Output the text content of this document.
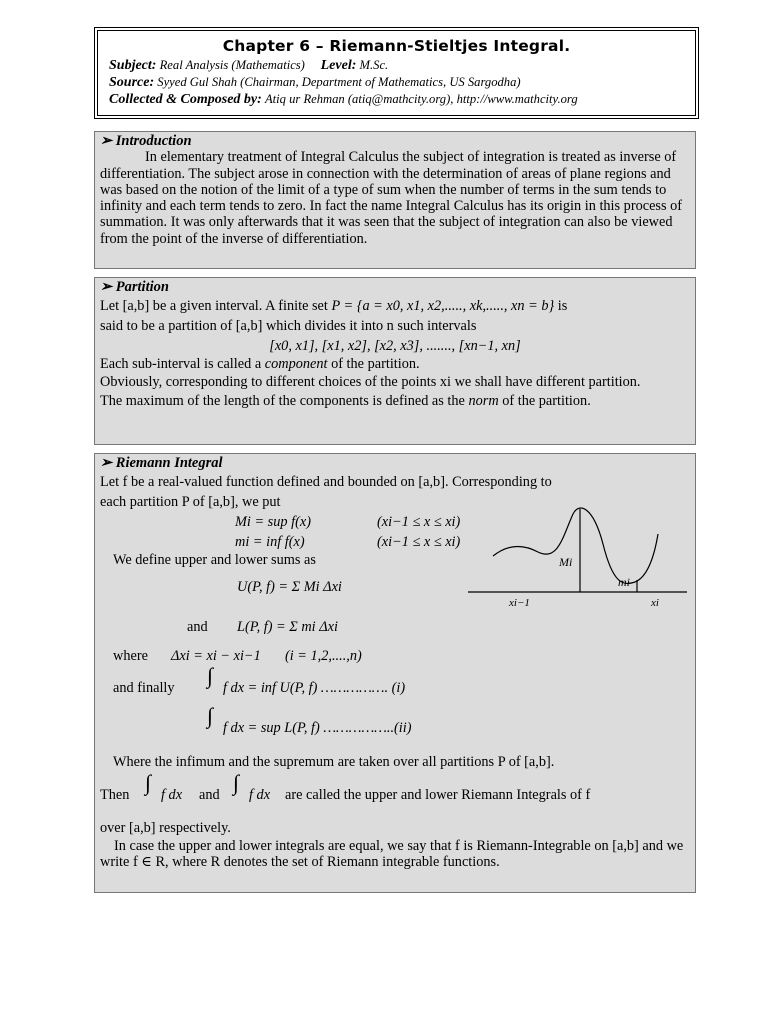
Chapter 6 – Riemann-Stieltjes Integral.
Subject: Real Analysis (Mathematics) Level: M.Sc.
Source: Syyed Gul Shah (Chairman, Department of Mathematics, US Sargodha)
Collected & Composed by: Atiq ur Rehman (atiq@mathcity.org), http://www.mathcity.org
➢ Introduction

In elementary treatment of Integral Calculus the subject of integration is treated as inverse of differentiation. The subject arose in connection with the determination of areas of plane regions and was based on the notion of the limit of a type of sum when the number of terms in the sum tends to infinity and each term tends to zero. In fact the name Integral Calculus has its origin in this process of summation. It was only afterwards that it was seen that the subject of integration can also be viewed from the point of the inverse of differentiation.

➢ Partition

Let [a,b] be a given interval. A finite set P = {a = x0, x1, x2,....., xk,....., xn = b} is

said to be a partition of [a,b] which divides it into n such intervals

[x0, x1], [x1, x2], [x2, x3], ......., [xn−1, xn]

Each sub-interval is called a component of the partition.

Obviously, corresponding to different choices of the points xi we shall have different partition.

The maximum of the length of the components is defined as the norm of the partition.

➢ Riemann Integral

Let f be a real-valued function defined and bounded on [a,b]. Corresponding to

each partition P of [a,b], we put

Mi = sup f(x)	(xi−1 ≤ x ≤ xi)
mi = inf f(x)	(xi−1 ≤ x ≤ xi)
We define upper and lower sums as
U(P, f) = Σ Mi Δxi
and L(P, f) = Σ mi Δxi
where Δxi = xi − xi−1 (i = 1,2,....,n)
and finally ∫ f dx = inf U(P, f) ……………. (i)
∫ f dx = sup L(P, f) ……………..(ii)
Where the infimum and the supremum are taken over all partitions P of [a,b].
Then ∫ f dx and ∫ f dx are called the upper and lower Riemann Integrals of f
over [a,b] respectively.
In case the upper and lower integrals are equal, we say that f is Riemann-Integrable on [a,b] and we write f ∈ R, where R denotes the set of Riemann integrable functions.
Mi
mi
xi−1	xi
